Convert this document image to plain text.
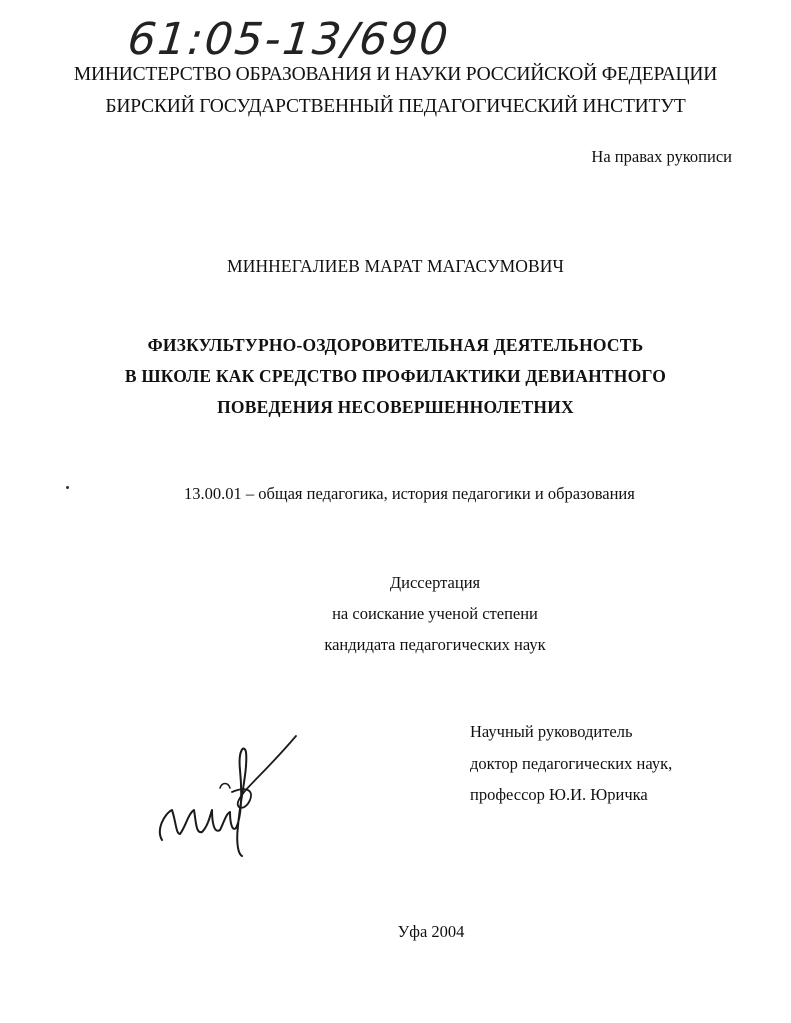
61:05-13/690
МИНИСТЕРСТВО ОБРАЗОВАНИЯ И НАУКИ РОССИЙСКОЙ ФЕДЕРАЦИИ
БИРСКИЙ ГОСУДАРСТВЕННЫЙ ПЕДАГОГИЧЕСКИЙ ИНСТИТУТ
На правах рукописи
МИННЕГАЛИЕВ МАРАТ МАГАСУМОВИЧ
ФИЗКУЛЬТУРНО-ОЗДОРОВИТЕЛЬНАЯ ДЕЯТЕЛЬНОСТЬ
В ШКОЛЕ КАК СРЕДСТВО ПРОФИЛАКТИКИ ДЕВИАНТНОГО
ПОВЕДЕНИЯ НЕСОВЕРШЕННОЛЕТНИХ
13.00.01 – общая педагогика, история педагогики и образования
Диссертация
на соискание ученой степени
кандидата педагогических наук
Научный руководитель
доктор педагогических наук,
профессор Ю.И. Юричка
Уфа 2004
